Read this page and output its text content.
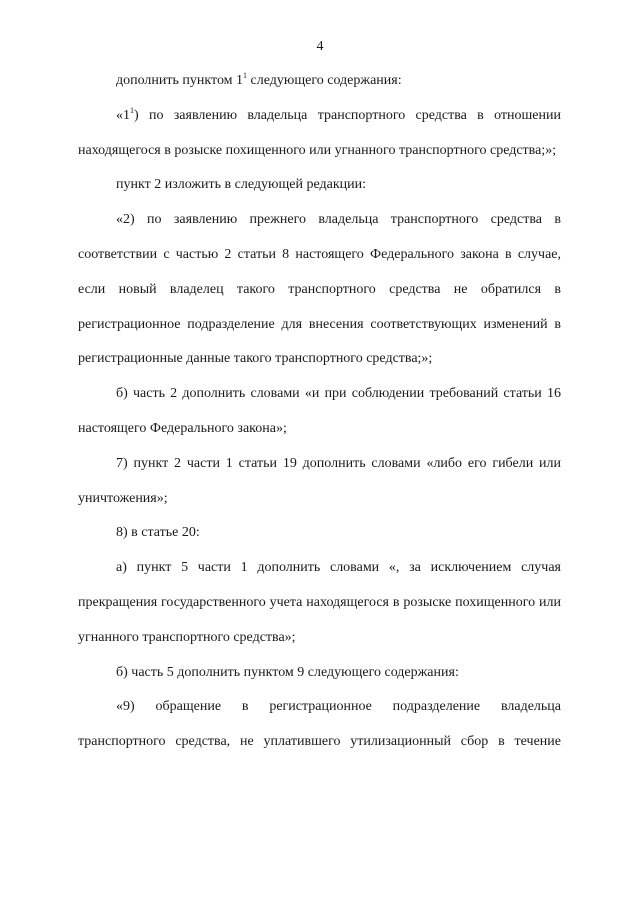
4

дополнить пунктом $1^1$ следующего содержания:

«$1^1$) по заявлению владельца транспортного средства в отношении находящегося в розыске похищенного или угнанного транспортного средства;»;

пункт 2 изложить в следующей редакции:

«2) по заявлению прежнего владельца транспортного средства в соответствии с частью 2 статьи 8 настоящего Федерального закона в случае, если новый владелец такого транспортного средства не обратился в регистрационное подразделение для внесения соответствующих изменений в регистрационные данные такого транспортного средства;»;

б) часть 2 дополнить словами «и при соблюдении требований статьи 16 настоящего Федерального закона»;

7) пункт 2 части 1 статьи 19 дополнить словами «либо его гибели или уничтожения»;

8) в статье 20:

а) пункт 5 части 1 дополнить словами «, за исключением случая прекращения государственного учета находящегося в розыске похищенного или угнанного транспортного средства»;

б) часть 5 дополнить пунктом 9 следующего содержания:

«9) обращение в регистрационное подразделение владельца транспортного средства, не уплатившего утилизационный сбор в течение
